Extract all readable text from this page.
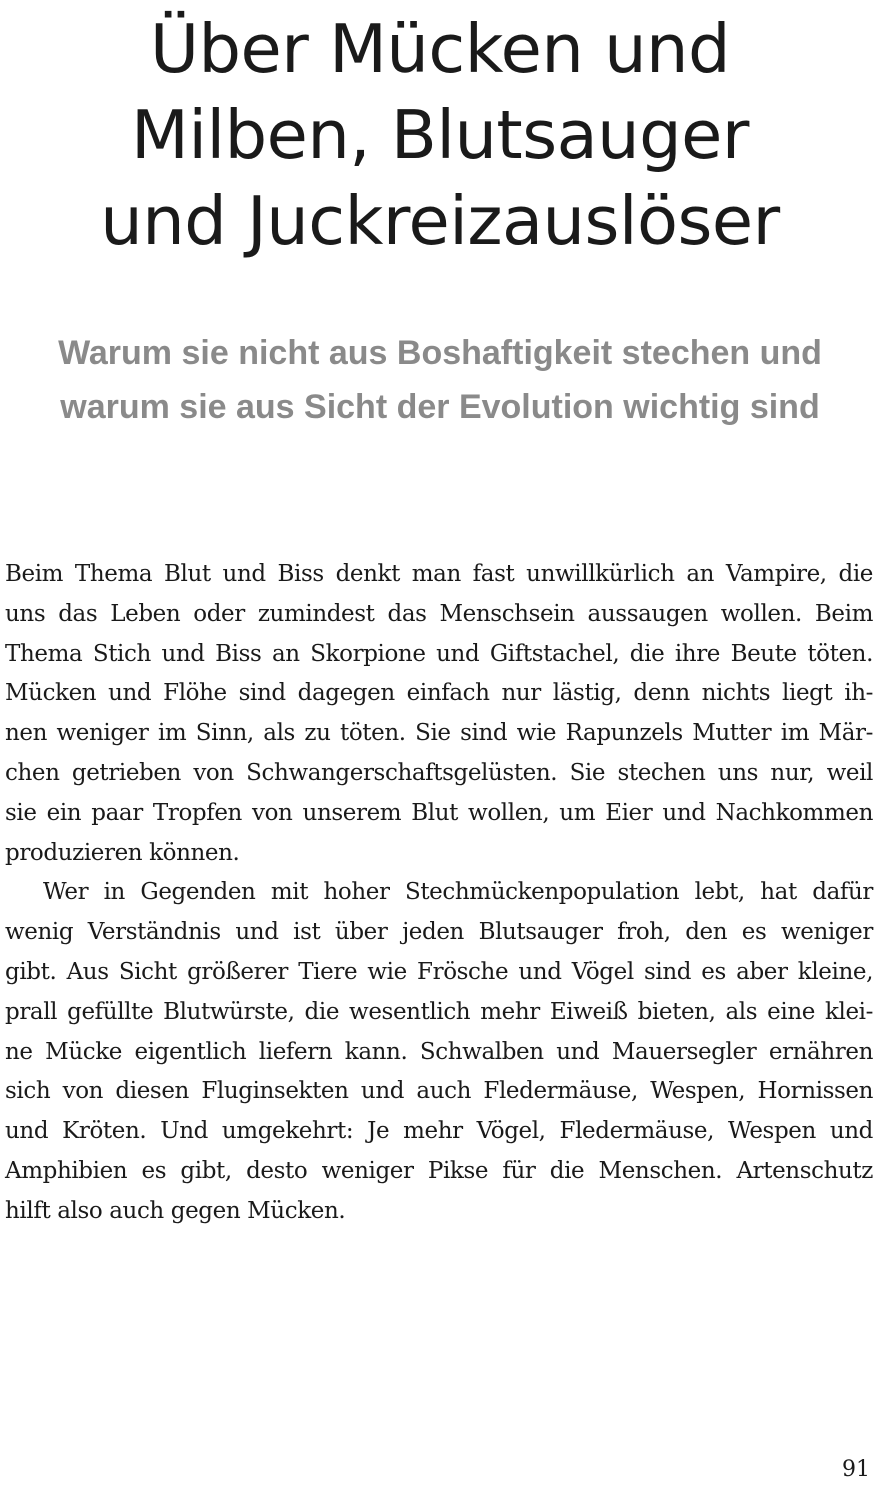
Über Mücken und
Milben, Blutsauger
und Juckreizauslöser
Warum sie nicht aus Boshaftigkeit stechen und
warum sie aus Sicht der Evolution wichtig sind
Beim Thema Blut und Biss denkt man fast unwillkürlich an Vampire, die
uns das Leben oder zumindest das Menschsein aussaugen wollen. Beim
Thema Stich und Biss an Skorpione und Giftstachel, die ihre Beute töten.
Mücken und Flöhe sind dagegen einfach nur lästig, denn nichts liegt ih-
nen weniger im Sinn, als zu töten. Sie sind wie Rapunzels Mutter im Mär-
chen getrieben von Schwangerschaftsgelüsten. Sie stechen uns nur, weil
sie ein paar Tropfen von unserem Blut wollen, um Eier und Nachkommen
produzieren können.
Wer in Gegenden mit hoher Stechmückenpopulation lebt, hat dafür
wenig Verständnis und ist über jeden Blutsauger froh, den es weniger
gibt. Aus Sicht größerer Tiere wie Frösche und Vögel sind es aber kleine,
prall gefüllte Blutwürste, die wesentlich mehr Eiweiß bieten, als eine klei-
ne Mücke eigentlich liefern kann. Schwalben und Mauersegler ernähren
sich von diesen Fluginsekten und auch Fledermäuse, Wespen, Hornissen
und Kröten. Und umgekehrt: Je mehr Vögel, Fledermäuse, Wespen und
Amphibien es gibt, desto weniger Pikse für die Menschen. Artenschutz
hilft also auch gegen Mücken.
91
